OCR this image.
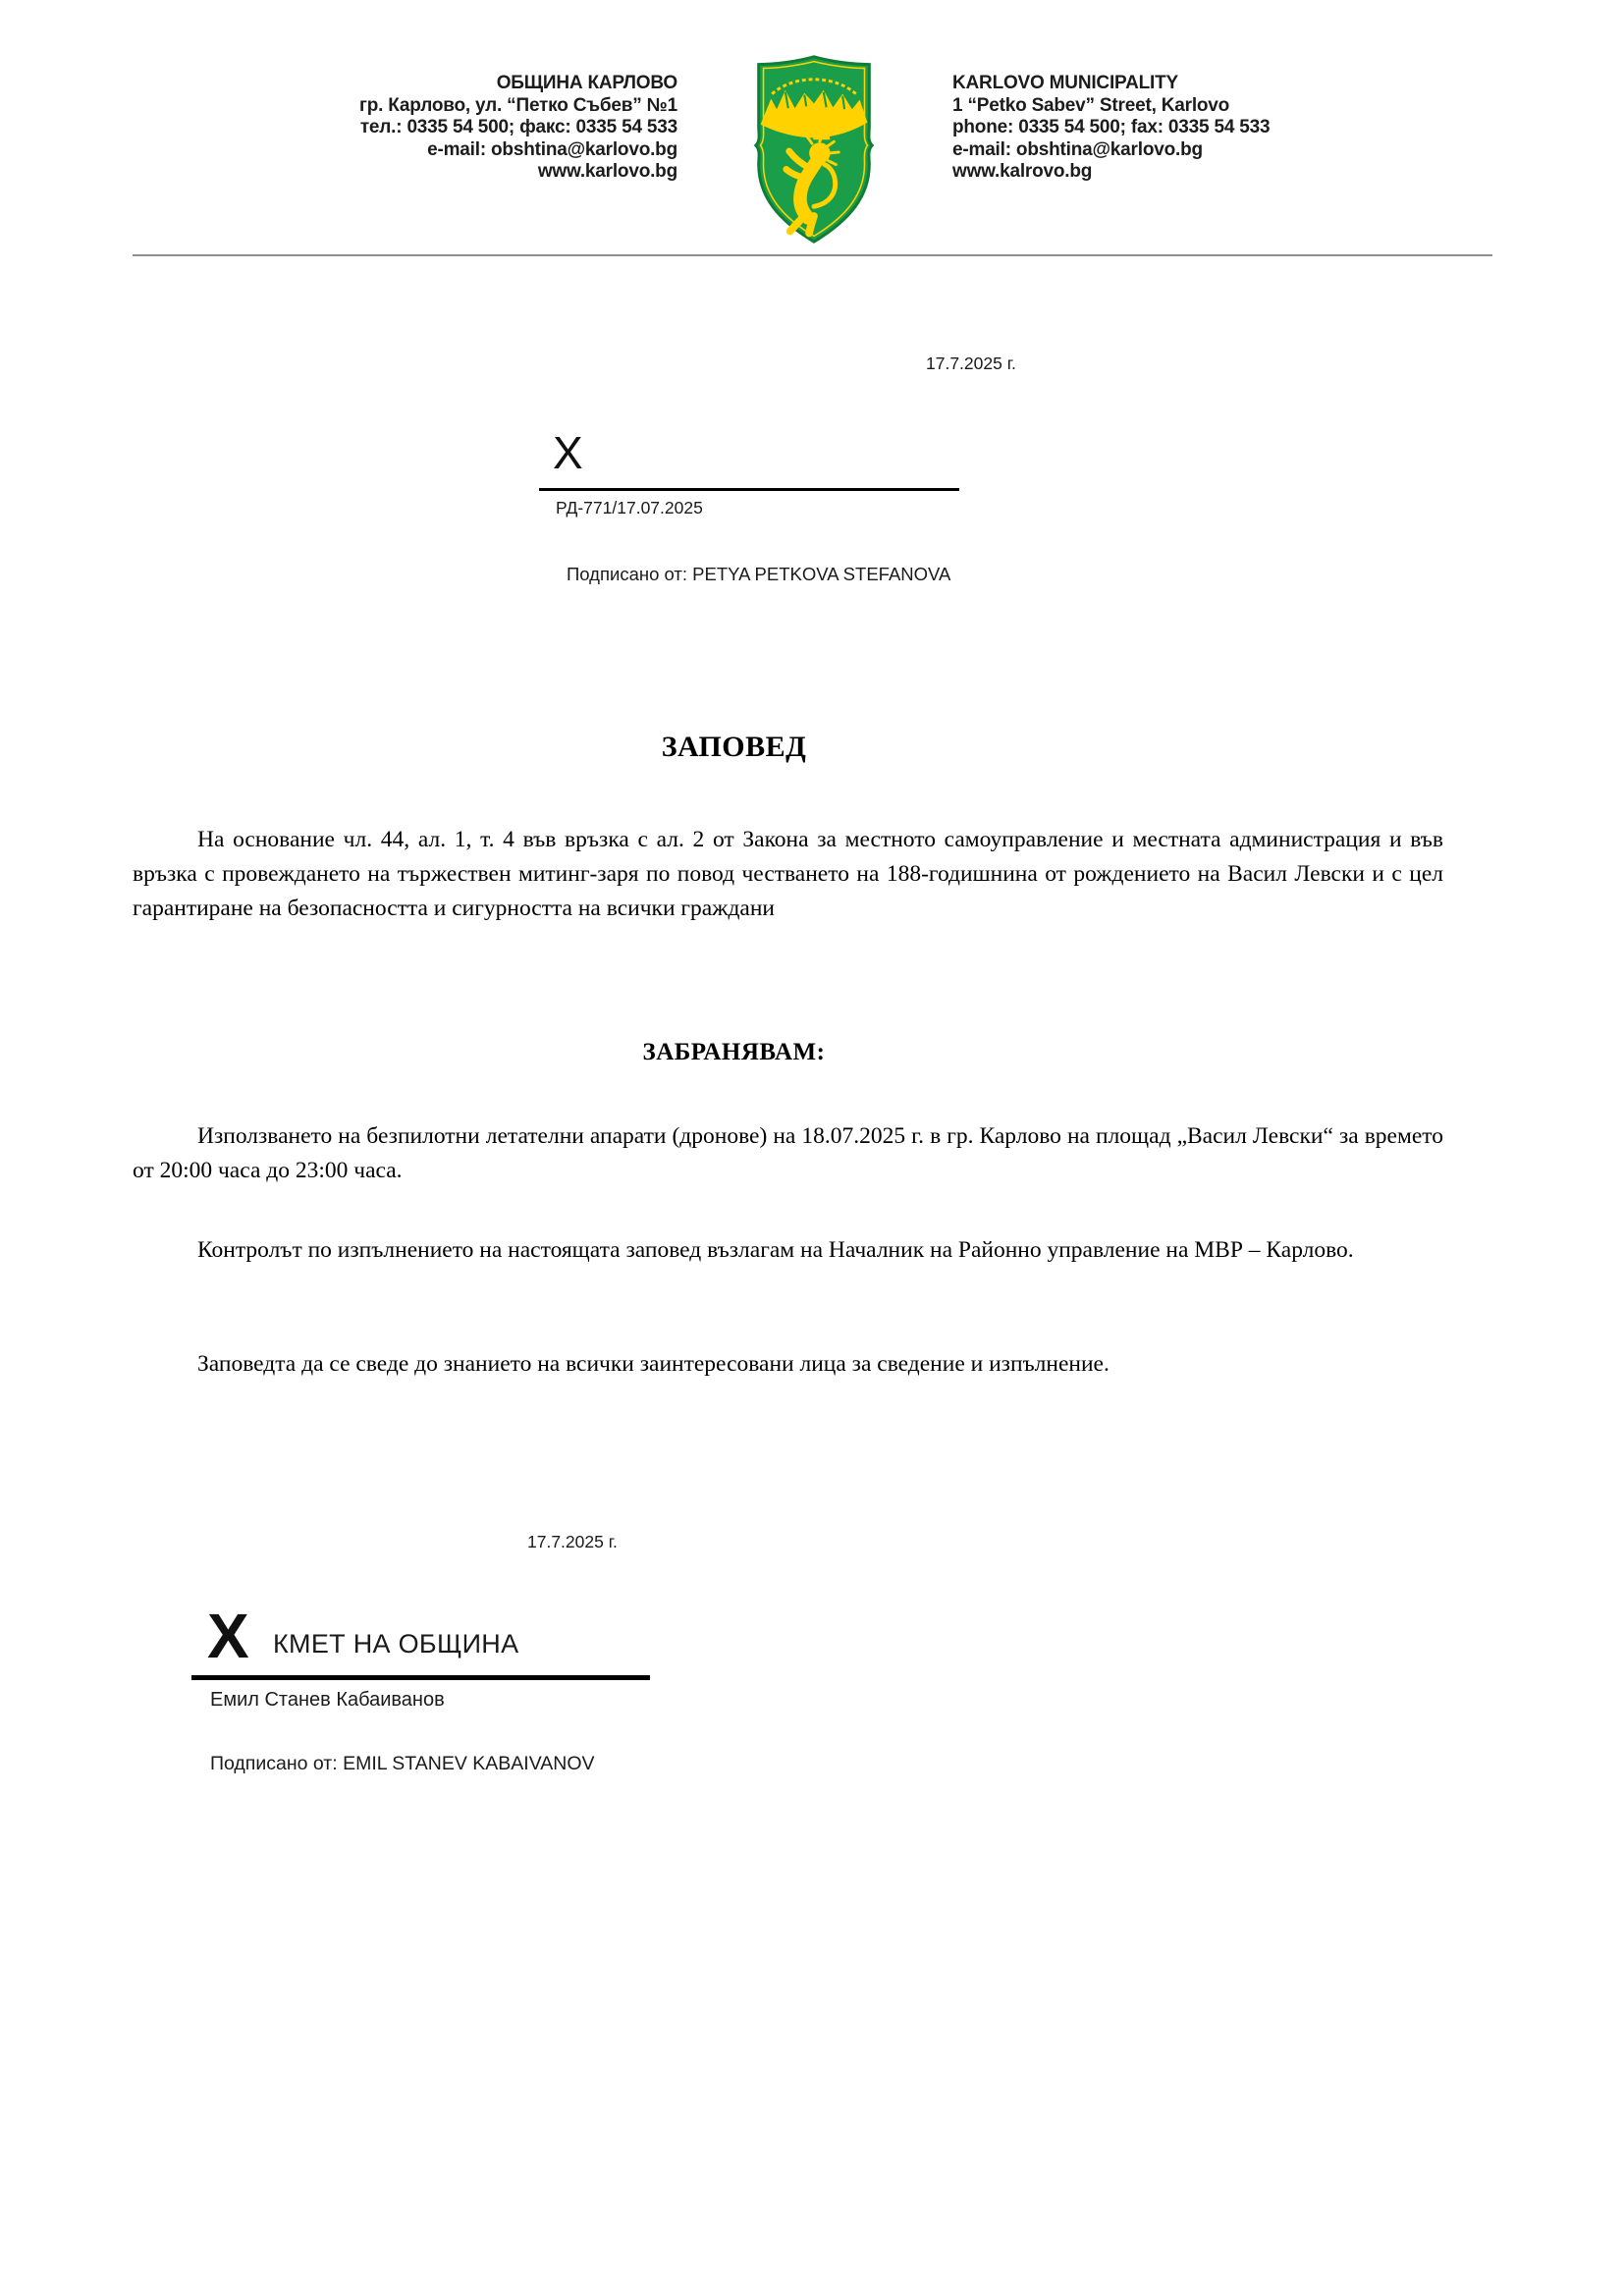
ОБЩИНА КАРЛОВО
гр. Карлово, ул. “Петко Събев” №1
тел.: 0335 54 500; факс: 0335 54 533
e-mail: obshtina@karlovo.bg
www.karlovo.bg
KARLOVO MUNICIPALITY
1 “Petko Sabev” Street, Karlovo
phone: 0335 54 500; fax: 0335 54 533
e-mail: obshtina@karlovo.bg
www.kalrovo.bg
17.7.2025 г.
X
РД-771/17.07.2025
Подписано от: PETYA PETKOVA STEFANOVA
ЗАПОВЕД
На основание чл. 44, ал. 1, т. 4 във връзка с ал. 2 от Закона за местното самоуправление и местната администрация и във връзка с провеждането на тържествен митинг-заря по повод честването на 188-годишнина от рождението на Васил Левски и с цел гарантиране на безопасността и сигурността на всички граждани
ЗАБРАНЯВАМ:
Използването на безпилотни летателни апарати (дронове) на 18.07.2025 г. в гр. Карлово на площад „Васил Левски“ за времето от 20:00 часа до 23:00 часа.
Контролът по изпълнението на настоящата заповед възлагам на Началник на Районно управление на МВР – Карлово.
Заповедта да се сведе до знанието на всички заинтересовани лица за сведение и изпълнение.
17.7.2025 г.
X КМЕТ НА ОБЩИНА
Емил Станев Кабаиванов
Подписано от: EMIL STANEV KABAIVANOV
